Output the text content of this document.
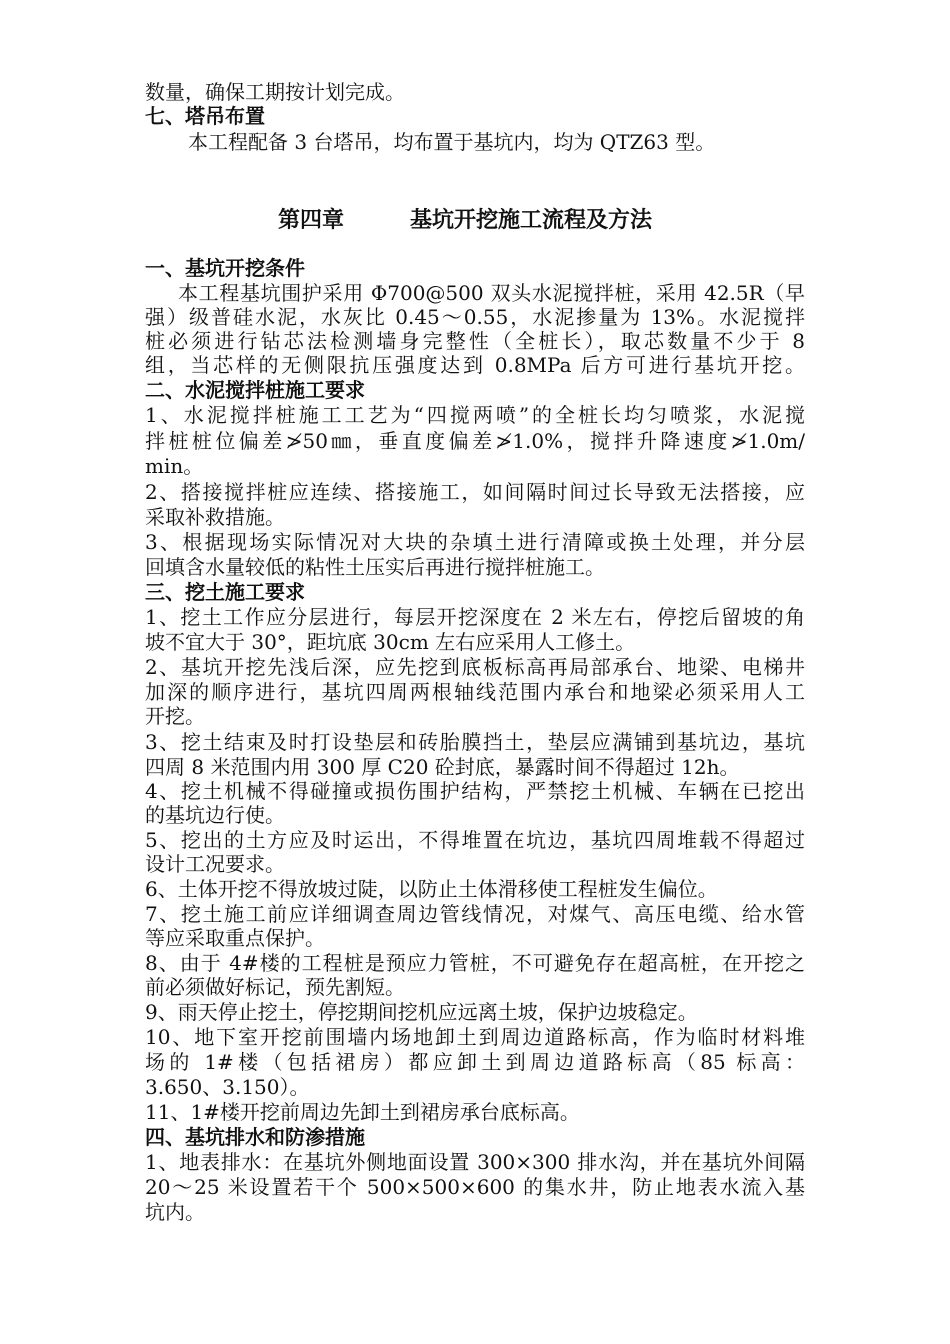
数量，确保工期按计划完成。
七、塔吊布置
本工程配备 3 台塔吊，均布置于基坑内，均为 QTZ63 型。
第四章	基坑开挖施工流程及方法
一、基坑开挖条件
本工程基坑围护采用 Φ700@500 双头水泥搅拌桩，采用 42.5R（早
强）级普硅水泥，水灰比 0.45～0.55，水泥掺量为 13%。水泥搅拌
桩必须进行钻芯法检测墙身完整性（全桩长），取芯数量不少于 8
组，当芯样的无侧限抗压强度达到 0.8MPa 后方可进行基坑开挖。
二、水泥搅拌桩施工要求
1、水泥搅拌桩施工工艺为“四搅两喷”的全桩长均匀喷浆，水泥搅
拌桩桩位偏差≯50㎜，垂直度偏差≯1.0%，搅拌升降速度≯1.0m/
min。
2、搭接搅拌桩应连续、搭接施工，如间隔时间过长导致无法搭接，应
采取补救措施。
3、根据现场实际情况对大块的杂填土进行清障或换土处理，并分层
回填含水量较低的粘性土压实后再进行搅拌桩施工。
三、挖土施工要求
1、挖土工作应分层进行，每层开挖深度在 2 米左右，停挖后留坡的角
坡不宜大于 30°，距坑底 30cm 左右应采用人工修土。
2、基坑开挖先浅后深，应先挖到底板标高再局部承台、地梁、电梯井
加深的顺序进行，基坑四周两根轴线范围内承台和地梁必须采用人工
开挖。
3、挖土结束及时打设垫层和砖胎膜挡土，垫层应满铺到基坑边，基坑
四周 8 米范围内用 300 厚 C20 砼封底，暴露时间不得超过 12h。
4、挖土机械不得碰撞或损伤围护结构，严禁挖土机械、车辆在已挖出
的基坑边行使。
5、挖出的土方应及时运出，不得堆置在坑边，基坑四周堆载不得超过
设计工况要求。
6、土体开挖不得放坡过陡，以防止土体滑移使工程桩发生偏位。
7、挖土施工前应详细调查周边管线情况，对煤气、高压电缆、给水管
等应采取重点保护。
8、由于 4#楼的工程桩是预应力管桩，不可避免存在超高桩，在开挖之
前必须做好标记，预先割短。
9、雨天停止挖土，停挖期间挖机应远离土坡，保护边坡稳定。
10、地下室开挖前围墙内场地卸土到周边道路标高，作为临时材料堆
场的 1#楼（包括裙房）都应卸土到周边道路标高（85 标高：
3.650、3.150）。
11、1#楼开挖前周边先卸土到裙房承台底标高。
四、基坑排水和防渗措施
1、地表排水：在基坑外侧地面设置 300×300 排水沟，并在基坑外间隔
20～25 米设置若干个 500×500×600 的集水井，防止地表水流入基
坑内。
